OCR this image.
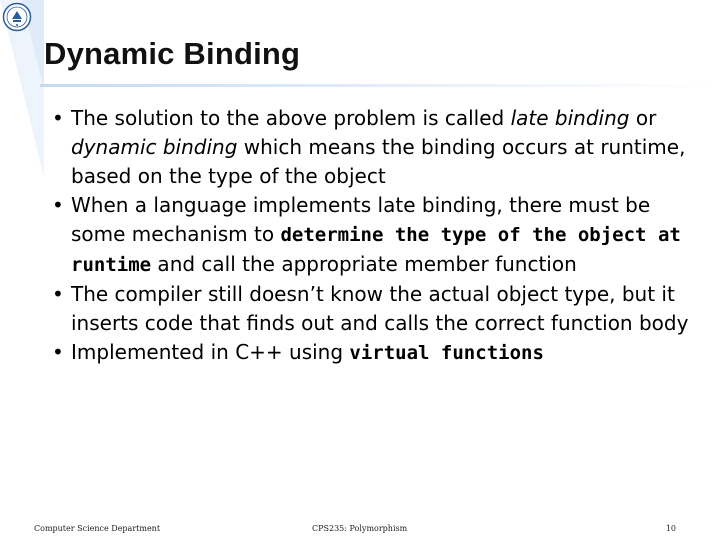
Dynamic Binding
• The solution to the above problem is called late binding or dynamic binding which means the binding occurs at runtime, based on the type of the object
• When a language implements late binding, there must be some mechanism to determine the type of the object at runtime and call the appropriate member function
• The compiler still doesn’t know the actual object type, but it inserts code that finds out and calls the correct function body
• Implemented in C++ using virtual functions
Computer Science Department	CPS235: Polymorphism	10
